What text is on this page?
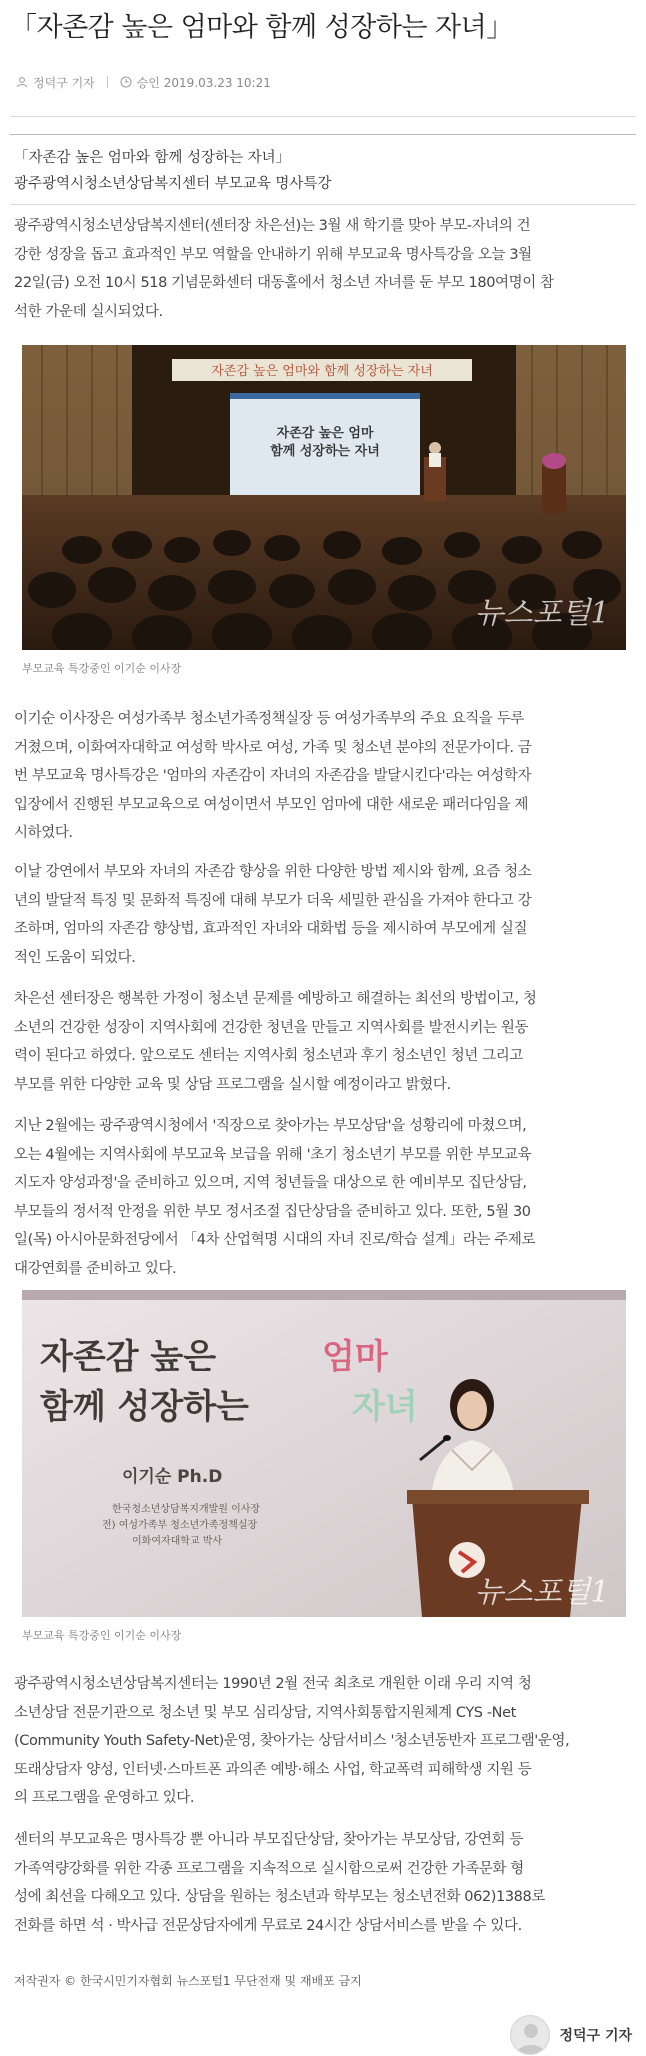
「자존감 높은 엄마와 함께 성장하는 자녀」
정덕구 기자	승인 2019.03.23 10:21
「자존감 높은 엄마와 함께 성장하는 자녀」
광주광역시청소년상담복지센터 부모교육 명사특강
광주광역시청소년상담복지센터(센터장 차은선)는 3월 새 학기를 맞아 부모-자녀의 건
강한 성장을 돕고 효과적인 부모 역할을 안내하기 위해 부모교육 명사특강을 오늘 3월
22일(금) 오전 10시 518 기념문화센터 대동홀에서 청소년 자녀를 둔 부모 180여명이 참
석한 가운데 실시되었다.
자존감 높은 엄마와 함께 성장하는 자녀
자존감 높은 엄마
함께 성장하는 자녀
뉴스포털1
부모교육 특강중인 이기순 이사장
이기순 이사장은 여성가족부 청소년가족정책실장 등 여성가족부의 주요 요직을 두루
거쳤으며, 이화여자대학교 여성학 박사로 여성, 가족 및 청소년 분야의 전문가이다. 금
번 부모교육 명사특강은 '엄마의 자존감이 자녀의 자존감을 발달시킨다'라는 여성학자
입장에서 진행된 부모교육으로 여성이면서 부모인 엄마에 대한 새로운 패러다임을 제
시하였다.
이날 강연에서 부모와 자녀의 자존감 향상을 위한 다양한 방법 제시와 함께, 요즘 청소
년의 발달적 특징 및 문화적 특징에 대해 부모가 더욱 세밀한 관심을 가져야 한다고 강
조하며, 엄마의 자존감 향상법, 효과적인 자녀와 대화법 등을 제시하여 부모에게 실질
적인 도움이 되었다.
차은선 센터장은 행복한 가정이 청소년 문제를 예방하고 해결하는 최선의 방법이고, 청
소년의 건강한 성장이 지역사회에 건강한 청년을 만들고 지역사회를 발전시키는 원동
력이 된다고 하였다. 앞으로도 센터는 지역사회 청소년과 후기 청소년인 청년 그리고
부모를 위한 다양한 교육 및 상담 프로그램을 실시할 예정이라고 밝혔다.
지난 2월에는 광주광역시청에서 '직장으로 찾아가는 부모상담'을 성황리에 마쳤으며,
오는 4월에는 지역사회에 부모교육 보급을 위해 '초기 청소년기 부모를 위한 부모교육
지도자 양성과정'을 준비하고 있으며, 지역 청년들을 대상으로 한 예비부모 집단상담,
부모들의 정서적 안정을 위한 부모 정서조절 집단상담을 준비하고 있다. 또한, 5월 30
일(목) 아시아문화전당에서 「4차 산업혁명 시대의 자녀 진로/학습 설계」라는 주제로
대강연회를 준비하고 있다.
자존감 높은	엄마
함께 성장하는	자녀
이기순 Ph.D
한국청소년상담복지개발원 이사장
전) 여성가족부 청소년가족정책실장
이화여자대학교 박사
뉴스포털1
부모교육 특강중인 이기순 이사장
광주광역시청소년상담복지센터는 1990년 2월 전국 최초로 개원한 이래 우리 지역 청
소년상담 전문기관으로 청소년 및 부모 심리상담, 지역사회통합지원체계 CYS -Net
(Community Youth Safety-Net)운영, 찾아가는 상담서비스 '청소년동반자 프로그램'운영,
또래상담자 양성, 인터넷·스마트폰 과의존 예방·해소 사업, 학교폭력 피해학생 지원 등
의 프로그램을 운영하고 있다.
센터의 부모교육은 명사특강 뿐 아니라 부모집단상담, 찾아가는 부모상담, 강연회 등
가족역량강화를 위한 각종 프로그램을 지속적으로 실시함으로써 건강한 가족문화 형
성에 최선을 다해오고 있다. 상담을 원하는 청소년과 학부모는 청소년전화 062)1388로
전화를 하면 석 · 박사급 전문상담자에게 무료로 24시간 상담서비스를 받을 수 있다.
저작권자 © 한국시민기자협회 뉴스포털1 무단전재 및 재배포 금지
정덕구 기자
